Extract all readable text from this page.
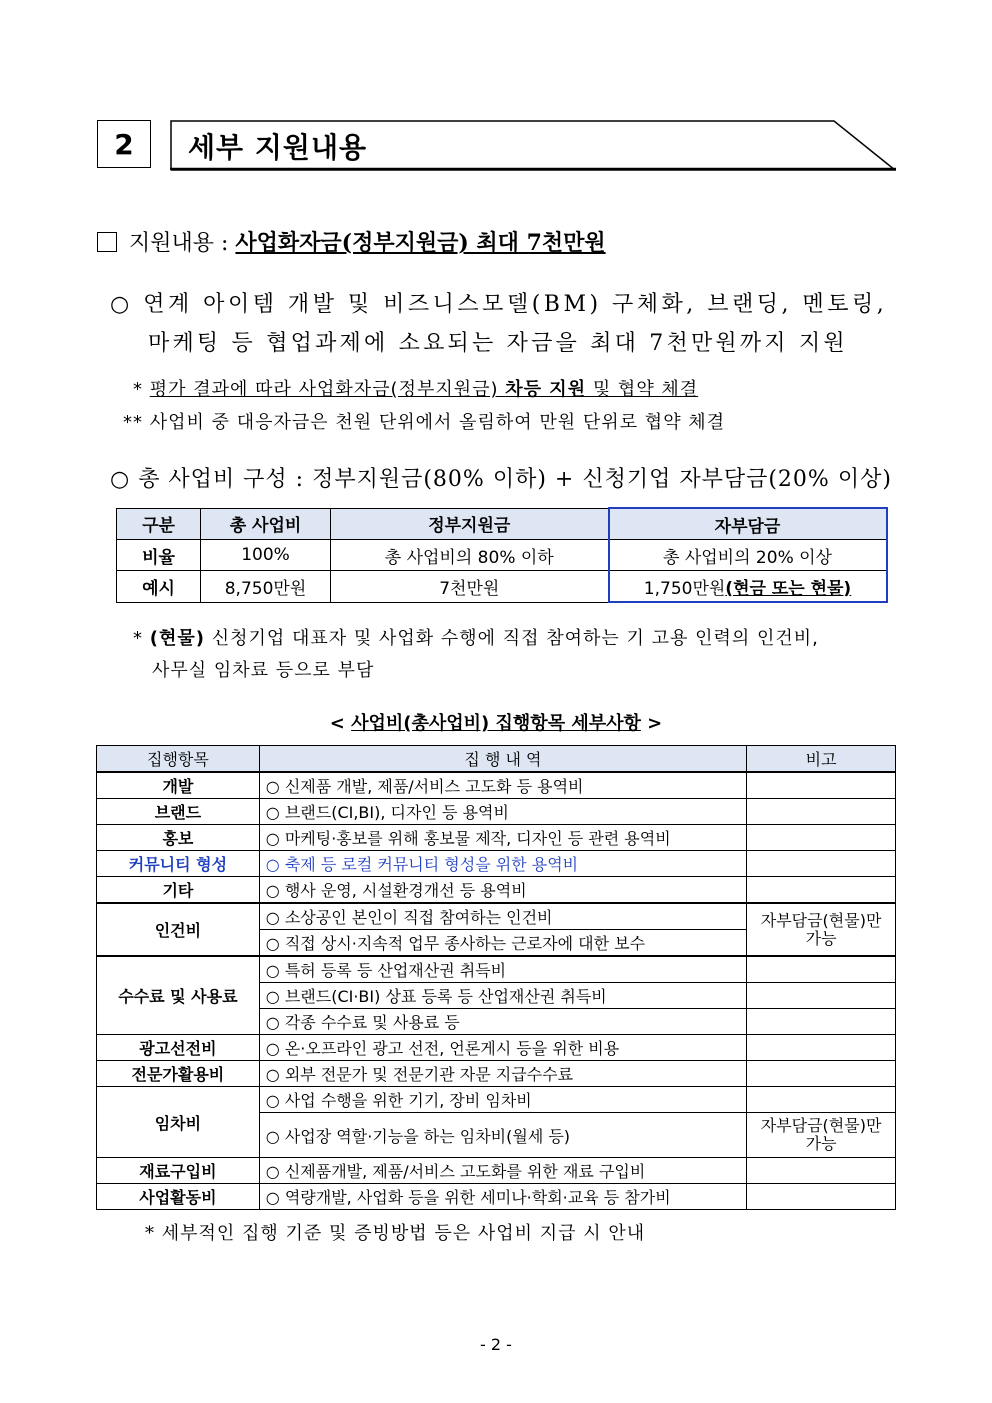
2	세부 지원내용
지원내용 : 사업화자금(정부지원금) 최대 7천만원
○ 연계 아이템 개발 및 비즈니스모델(BM) 구체화, 브랜딩, 멘토링,
마케팅 등 협업과제에 소요되는 자금을 최대 7천만원까지 지원
* 평가 결과에 따라 사업화자금(정부지원금) 차등 지원 및 협약 체결
** 사업비 중 대응자금은 천원 단위에서 올림하여 만원 단위로 협약 체결
○ 총 사업비 구성 : 정부지원금(80% 이하) + 신청기업 자부담금(20% 이상)
구분	총 사업비	정부지원금	자부담금
비율	100%	총 사업비의 80% 이하	총 사업비의 20% 이상
예시	8,750만원	7천만원	1,750만원(현금 또는 현물)
* (현물) 신청기업 대표자 및 사업화 수행에 직접 참여하는 기 고용 인력의 인건비,
사무실 임차료 등으로 부담
< 사업비(총사업비) 집행항목 세부사항 >
집행항목	집 행 내 역	비고
개발	○ 신제품 개발, 제품/서비스 고도화 등 용역비	
브랜드	○ 브랜드(CI,BI), 디자인 등 용역비	
홍보	○ 마케팅·홍보를 위해 홍보물 제작, 디자인 등 관련 용역비	
커뮤니티 형성	○ 축제 등 로컬 커뮤니티 형성을 위한 용역비	
기타	○ 행사 운영, 시설환경개선 등 용역비	
인건비	○ 소상공인 본인이 직접 참여하는 인건비	자부담금(현물)만 가능
	○ 직접 상시·지속적 업무 종사하는 근로자에 대한 보수	
수수료 및 사용료	○ 특허 등록 등 산업재산권 취득비	
	○ 브랜드(CI·BI) 상표 등록 등 산업재산권 취득비	
	○ 각종 수수료 및 사용료 등	
광고선전비	○ 온·오프라인 광고 선전, 언론게시 등을 위한 비용	
전문가활용비	○ 외부 전문가 및 전문기관 자문 지급수수료	
임차비	○ 사업 수행을 위한 기기, 장비 임차비	
	○ 사업장 역할·기능을 하는 임차비(월세 등)	자부담금(현물)만 가능
재료구입비	○ 신제품개발, 제품/서비스 고도화를 위한 재료 구입비	
사업활동비	○ 역량개발, 사업화 등을 위한 세미나·학회·교육 등 참가비	
* 세부적인 집행 기준 및 증빙방법 등은 사업비 지급 시 안내
- 2 -
